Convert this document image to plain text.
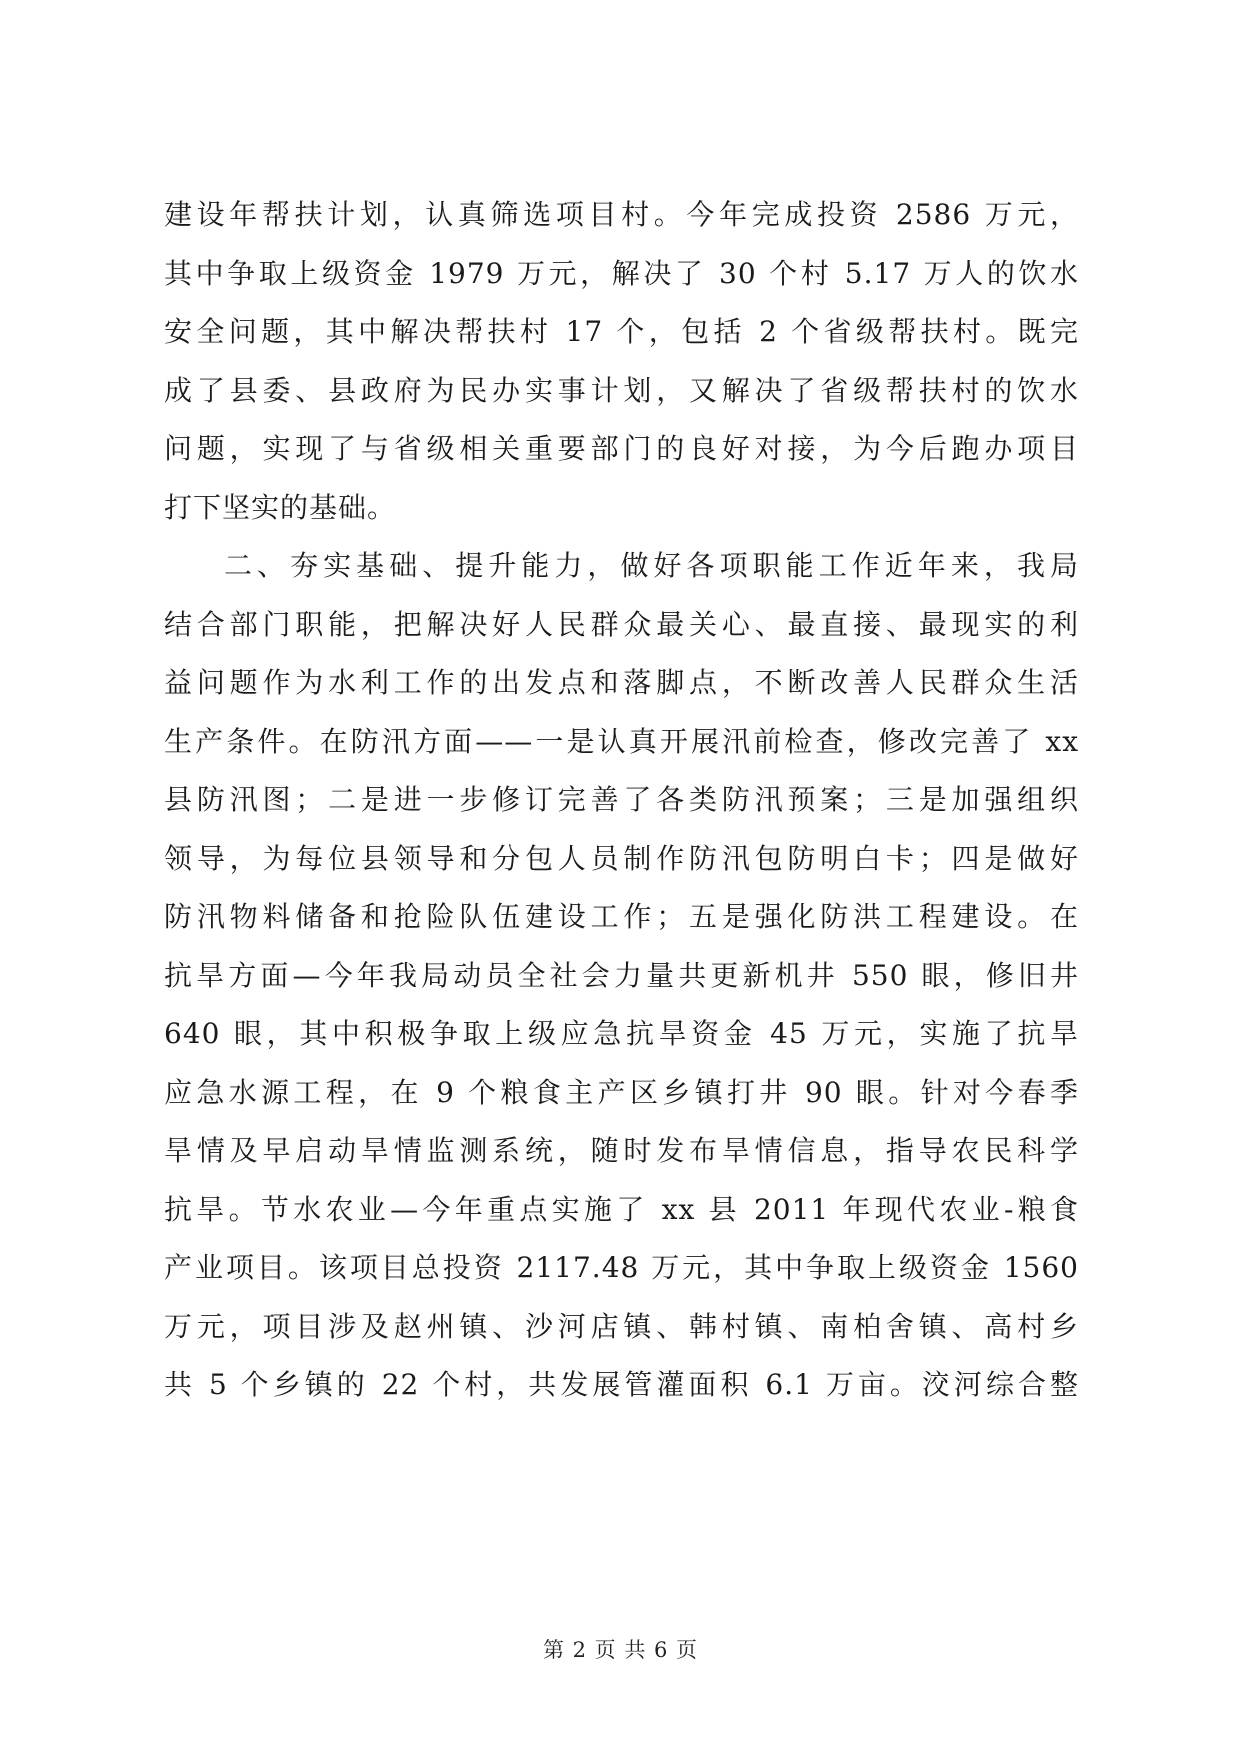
建设年帮扶计划，认真筛选项目村。今年完成投资 2586 万元，
其中争取上级资金 1979 万元，解决了 30 个村 5.17 万人的饮水
安全问题，其中解决帮扶村 17 个，包括 2 个省级帮扶村。既完
成了县委、县政府为民办实事计划，又解决了省级帮扶村的饮水
问题，实现了与省级相关重要部门的良好对接，为今后跑办项目
打下坚实的基础。
二、夯实基础、提升能力，做好各项职能工作近年来，我局
结合部门职能，把解决好人民群众最关心、最直接、最现实的利
益问题作为水利工作的出发点和落脚点，不断改善人民群众生活
生产条件。在防汛方面——一是认真开展汛前检查，修改完善了 xx
县防汛图；二是进一步修订完善了各类防汛预案；三是加强组织
领导，为每位县领导和分包人员制作防汛包防明白卡；四是做好
防汛物料储备和抢险队伍建设工作；五是强化防洪工程建设。在
抗旱方面—今年我局动员全社会力量共更新机井 550 眼，修旧井
640 眼，其中积极争取上级应急抗旱资金 45 万元，实施了抗旱
应急水源工程，在 9 个粮食主产区乡镇打井 90 眼。针对今春季
旱情及早启动旱情监测系统，随时发布旱情信息，指导农民科学
抗旱。节水农业—今年重点实施了 xx 县 2011 年现代农业-粮食
产业项目。该项目总投资 2117.48 万元，其中争取上级资金 1560
万元，项目涉及赵州镇、沙河店镇、韩村镇、南柏舍镇、高村乡
共 5 个乡镇的 22 个村，共发展管灌面积 6.1 万亩。洨河综合整
第 2 页 共 6 页
